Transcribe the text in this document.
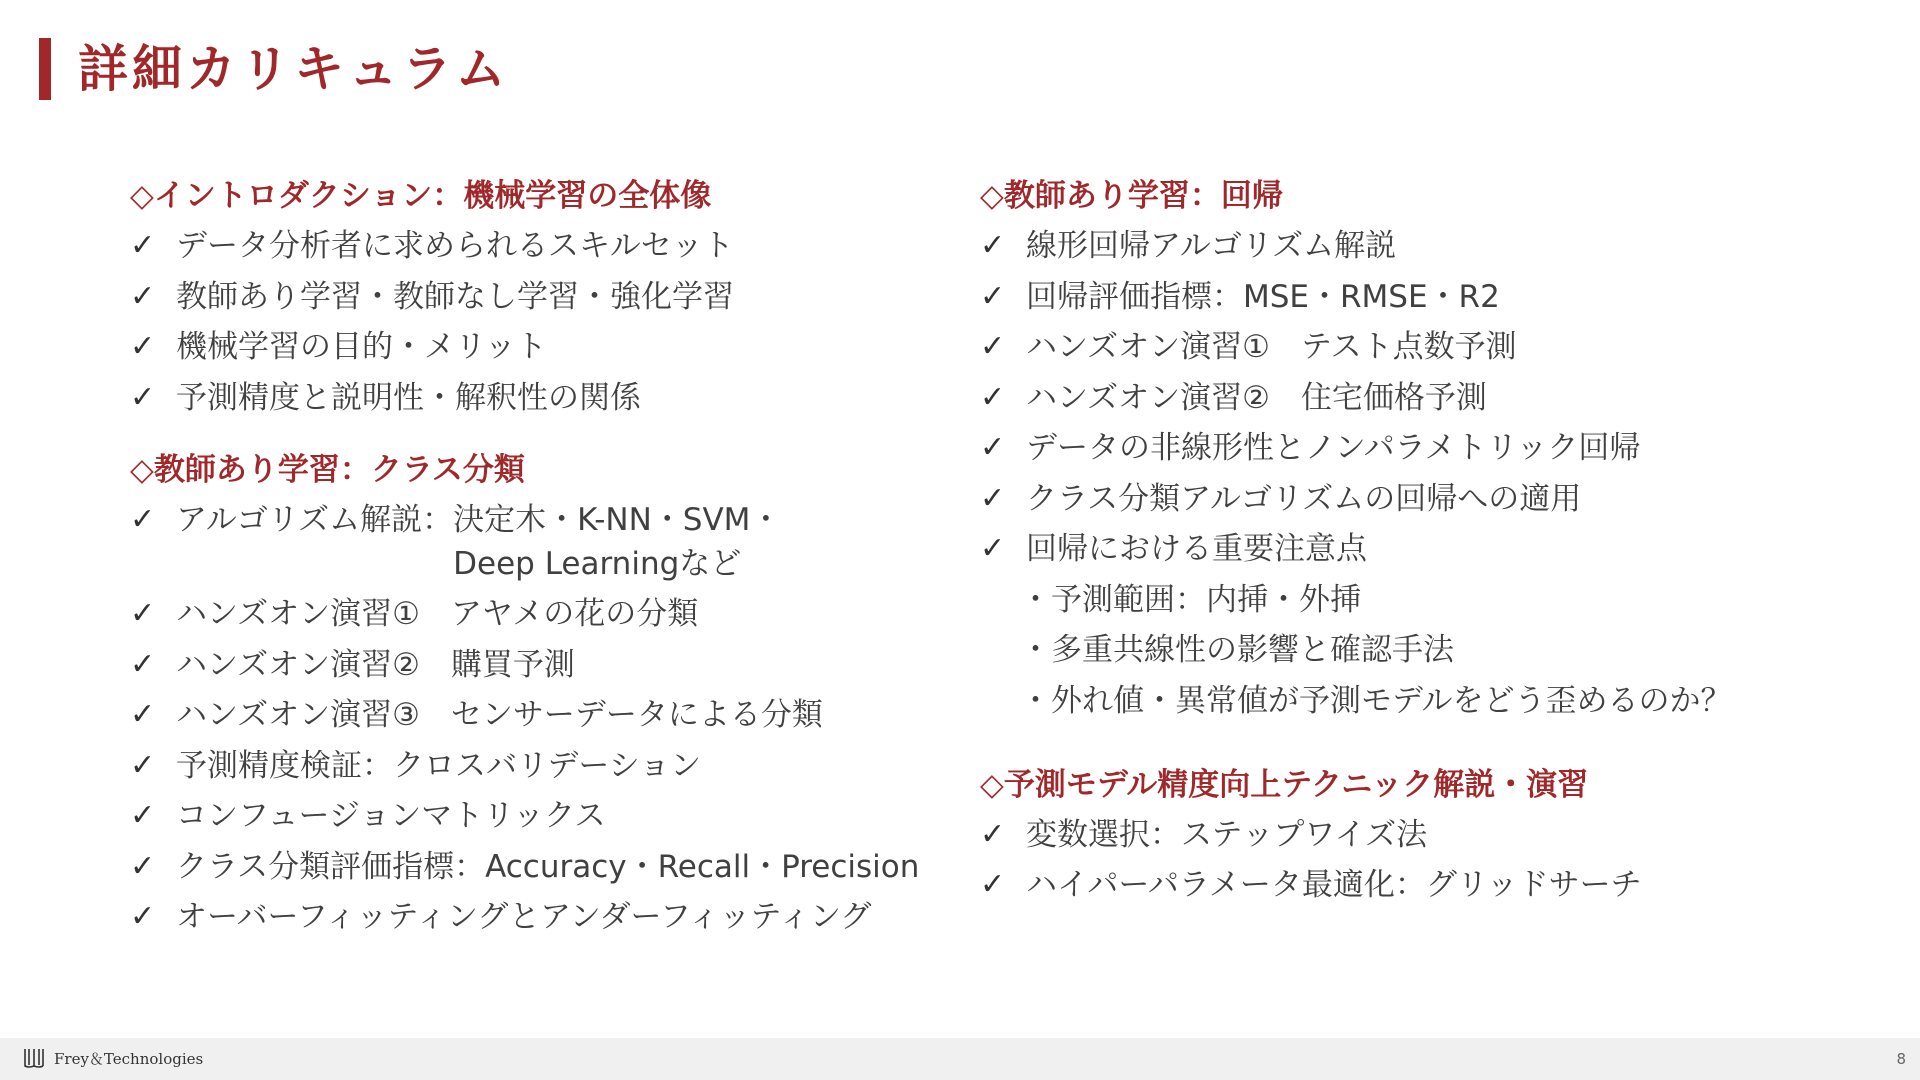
詳細カリキュラム
◇イントロダクション：機械学習の全体像
✓ データ分析者に求められるスキルセット
✓ 教師あり学習・教師なし学習・強化学習
✓ 機械学習の目的・メリット
✓ 予測精度と説明性・解釈性の関係
◇教師あり学習：クラス分類
✓ アルゴリズム解説： 決定木・K-NN・SVM・
Deep Learningなど
✓ ハンズオン演習①　アヤメの花の分類
✓ ハンズオン演習②　購買予測
✓ ハンズオン演習③　センサーデータによる分類
✓ 予測精度検証：クロスバリデーション
✓ コンフュージョンマトリックス
✓ クラス分類評価指標：Accuracy・Recall・Precision
✓ オーバーフィッティングとアンダーフィッティング
◇教師あり学習：回帰
✓ 線形回帰アルゴリズム解説
✓ 回帰評価指標：MSE・RMSE・R2
✓ ハンズオン演習①　テスト点数予測
✓ ハンズオン演習②　住宅価格予測
✓ データの非線形性とノンパラメトリック回帰
✓ クラス分類アルゴリズムの回帰への適用
✓ 回帰における重要注意点
・予測範囲：内挿・外挿
・多重共線性の影響と確認手法
・外れ値・異常値が予測モデルをどう歪めるのか？
◇予測モデル精度向上テクニック解説・演習
✓ 変数選択：ステップワイズ法
✓ ハイパーパラメータ最適化：グリッドサーチ
Frey＆Technologies	8
